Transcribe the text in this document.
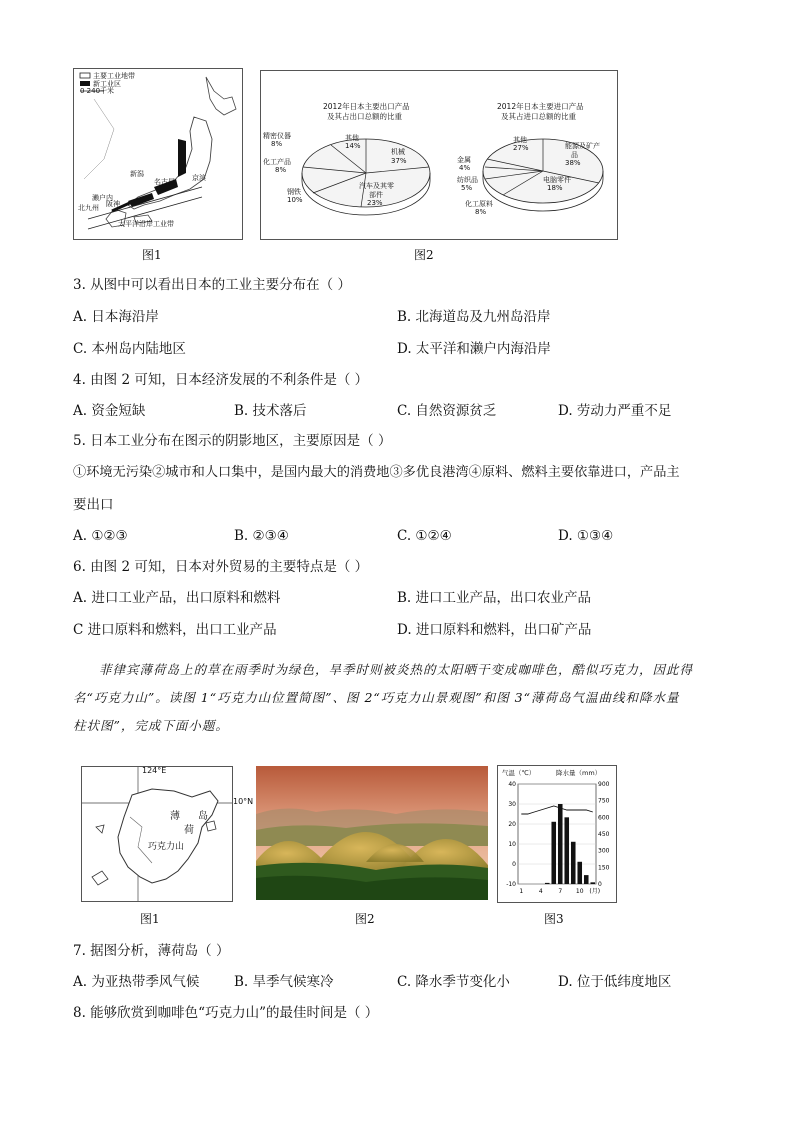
主要工业地带
新工业区
0 240千米
新潟
名古屋 京滨
濑户内
北九州 阪神
太平洋沿岸工业带
图1
2012年日本主要出口产品
及其占出口总额的比重
机械
37%
汽车及其零
部件
23%
钢铁
10%
化工产品
8%
精密仪器
8%
其他
14%
2012年日本主要进口产品
及其占进口总额的比重
能源及矿产
品
38%
电脑零件
18%
化工原料
8%
纺织品
5%
金属
4%
其他
27%
图2
3. 从图中可以看出日本的工业主要分布在（ ）
A. 日本海沿岸	B. 北海道岛及九州岛沿岸
C. 本州岛内陆地区	D. 太平洋和濑户内海沿岸
4. 由图 2 可知，日本经济发展的不利条件是（ ）
A. 资金短缺	B. 技术落后	C. 自然资源贫乏	D. 劳动力严重不足
5. 日本工业分布在图示的阴影地区，主要原因是（ ）
①环境无污染②城市和人口集中，是国内最大的消费地③多优良港湾④原料、燃料主要依靠进口，产品主
要出口
A. ①②③	B. ②③④	C. ①②④	D. ①③④
6. 由图 2 可知，日本对外贸易的主要特点是（ ）
A. 进口工业产品，出口原料和燃料	B. 进口工业产品，出口农业产品
C 进口原料和燃料，出口工业产品	D. 进口原料和燃料，出口矿产品
菲律宾薄荷岛上的草在雨季时为绿色，旱季时则被炎热的太阳晒干变成咖啡色，酷似巧克力，因此得
名“巧克力山”。读图 1“巧克力山位置简图”、图 2“巧克力山景观图”和图 3“薄荷岛气温曲线和降水量
柱状图”，完成下面小题。
124°E
薄
荷
岛
巧克力山
10°N
图1	图2
40
30
20
10
0
-10
900
750
600
450
300
150
0
1	4	7 10 (月)
气温（℃）	降水量（mm）
图3
7. 据图分析，薄荷岛（ ）
A. 为亚热带季风气候	B. 旱季气候寒冷	C. 降水季节变化小	D. 位于低纬度地区
8. 能够欣赏到咖啡色“巧克力山”的最佳时间是（ ）
